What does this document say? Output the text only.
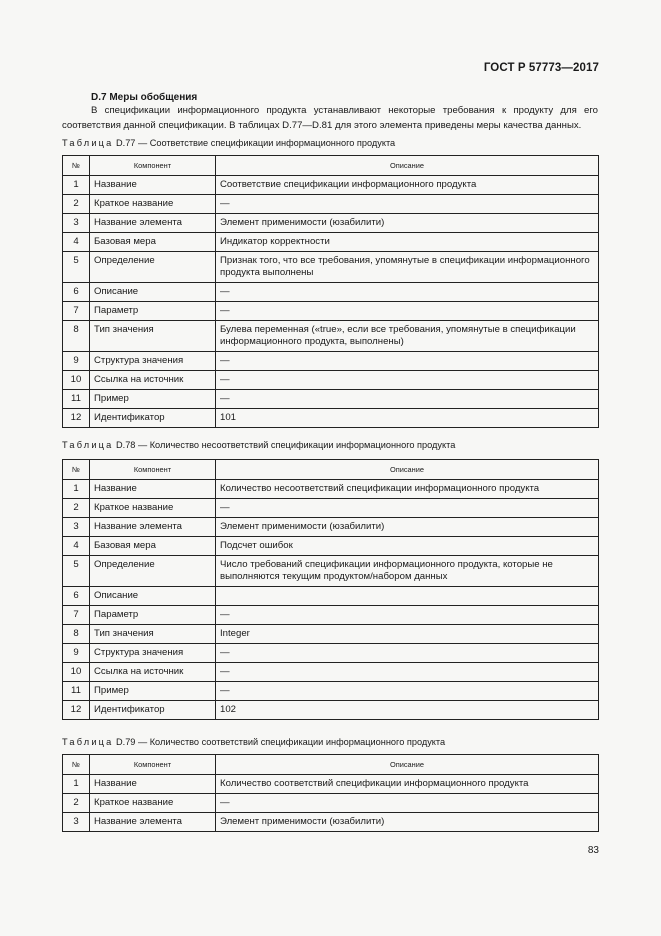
ГОСТ Р 57773—2017
D.7 Меры обобщения
В спецификации информационного продукта устанавливают некоторые требования к продукту для его соответствия данной спецификации. В таблицах D.77—D.81 для этого элемента приведены меры качества данных.
Таблица D.77 — Соответствие спецификации информационного продукта
№	Компонент	Описание
1	Название	Соответствие спецификации информационного продукта
2	Краткое название	—
3	Название элемента	Элемент применимости (юзабилити)
4	Базовая мера	Индикатор корректности
5	Определение	Признак того, что все требования, упомянутые в спецификации информационного продукта выполнены
6	Описание	—
7	Параметр	—
8	Тип значения	Булева переменная («true», если все требования, упомянутые в спецификации информационного продукта, выполнены)
9	Структура значения	—
10	Ссылка на источник	—
11	Пример	—
12	Идентификатор	101
Таблица D.78 — Количество несоответствий спецификации информационного продукта
№	Компонент	Описание
1	Название	Количество несоответствий спецификации информационного продукта
2	Краткое название	—
3	Название элемента	Элемент применимости (юзабилити)
4	Базовая мера	Подсчет ошибок
5	Определение	Число требований спецификации информационного продукта, которые не выполняются текущим продуктом/набором данных
6	Описание	
7	Параметр	—
8	Тип значения	Integer
9	Структура значения	—
10	Ссылка на источник	—
11	Пример	—
12	Идентификатор	102
Таблица D.79 — Количество соответствий спецификации информационного продукта
№	Компонент	Описание
1	Название	Количество соответствий спецификации информационного продукта
2	Краткое название	—
3	Название элемента	Элемент применимости (юзабилити)
83
